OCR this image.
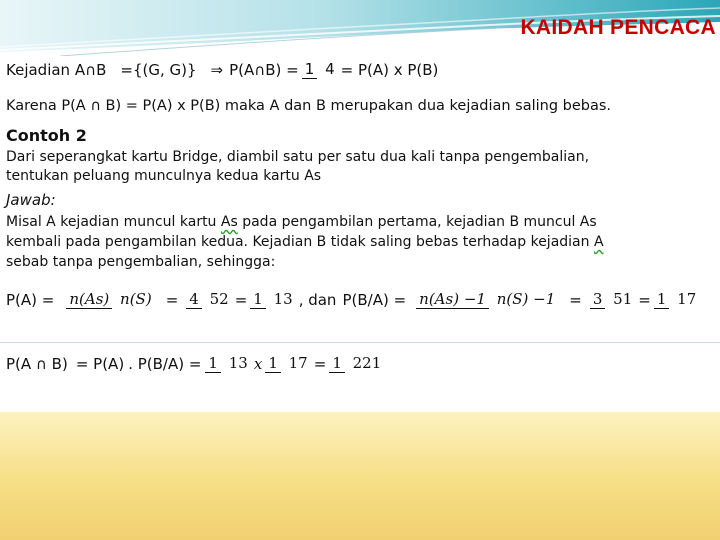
KAIDAH PENCACA
Kejadian A∩B ={(G, G)} ⇒ P(A∩B) = 1 4 = P(A) x P(B)
Karena P(A ∩ B) = P(A) x P(B) maka A dan B merupakan dua kejadian saling bebas.
Contoh 2
Dari seperangkat kartu Bridge, diambil satu per satu dua kali tanpa pengembalian,
tentukan peluang munculnya kedua kartu As
Jawab:
Misal A kejadian muncul kartu As pada pengambilan pertama, kejadian B muncul As
kembali pada pengambilan kedua. Kejadian B tidak saling bebas terhadap kejadian A
sebab tanpa pengembalian, sehingga:
P(A) = n(As) n(S) = 4 52 = 1 13 , dan P(B/A) = n(As) −1 n(S) −1 = 3 51 = 1 17
P(A ∩ B) = P(A) . P(B/A) = 1 13 x 1 17 = 1 221
